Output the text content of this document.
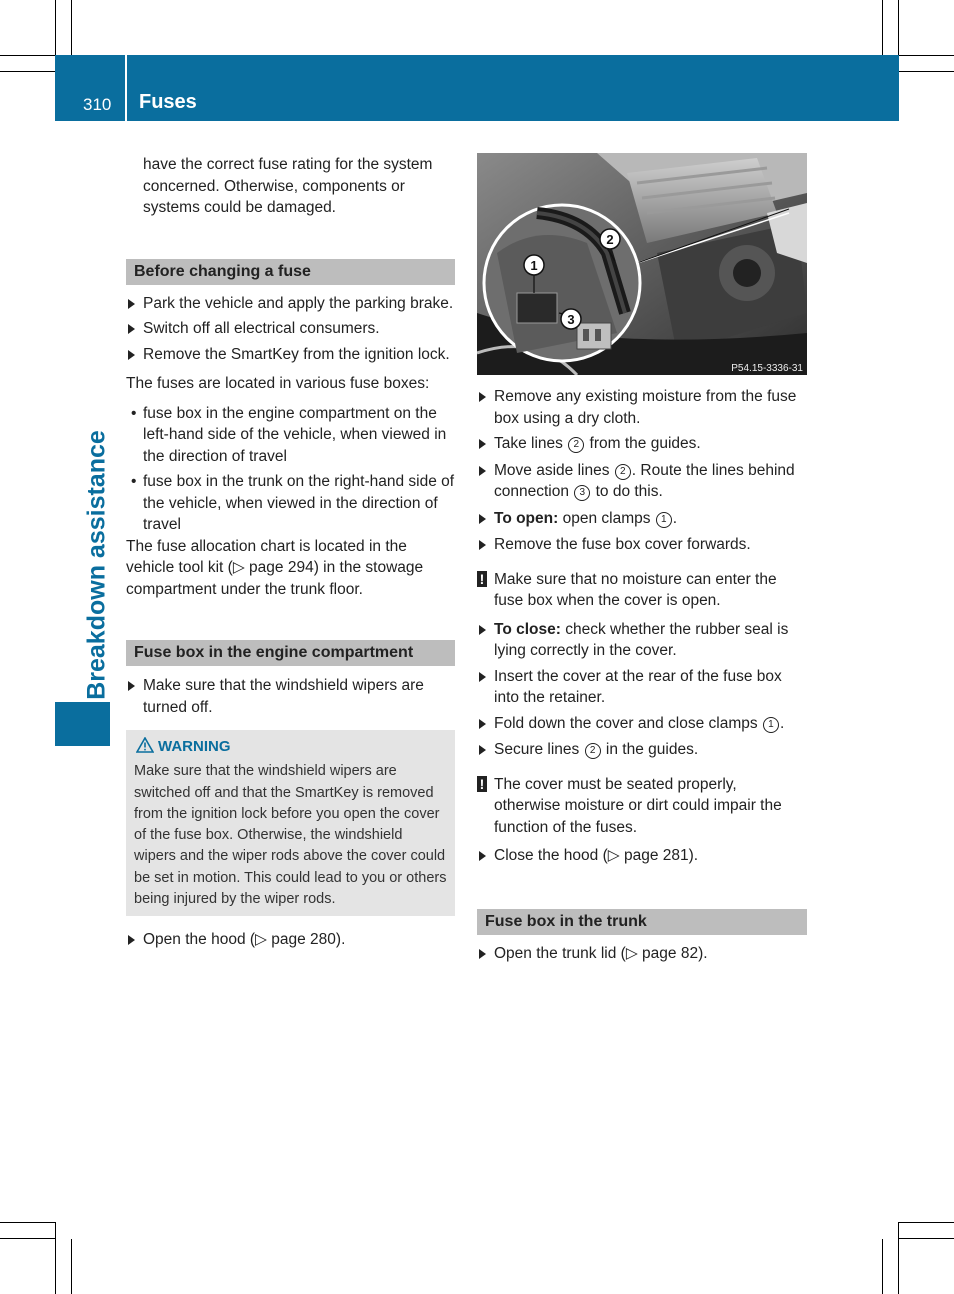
310 Fuses
Breakdown assistance

have the correct fuse rating for the system concerned. Otherwise, components or systems could be damaged.

Before changing a fuse

Park the vehicle and apply the parking brake.

Switch off all electrical consumers.

Remove the SmartKey from the ignition lock.

The fuses are located in various fuse boxes:

• fuse box in the engine compartment on the left-hand side of the vehicle, when viewed in the direction of travel

• fuse box in the trunk on the right-hand side of the vehicle, when viewed in the direction of travel

The fuse allocation chart is located in the vehicle tool kit (▷ page 294) in the stowage compartment under the trunk floor.

Fuse box in the engine compartment

Make sure that the windshield wipers are turned off.

WARNING

Make sure that the windshield wipers are switched off and that the SmartKey is removed from the ignition lock before you open the cover of the fuse box. Otherwise, the windshield wipers and the wiper rods above the cover could be set in motion. This could lead to you or others being injured by the wiper rods.

Open the hood (▷ page 280).

1
2
3
P54.15-3336-31

Remove any existing moisture from the fuse box using a dry cloth.

Take lines 2 from the guides.

Move aside lines 2 . Route the lines behind connection 3 to do this.

To open: open clamps 1 .

Remove the fuse box cover forwards.

! Make sure that no moisture can enter the fuse box when the cover is open.

To close: check whether the rubber seal is lying correctly in the cover.

Insert the cover at the rear of the fuse box into the retainer.

Fold down the cover and close clamps 1 .

Secure lines 2 in the guides.

! The cover must be seated properly, otherwise moisture or dirt could impair the function of the fuses.

Close the hood (▷ page 281).

Fuse box in the trunk

Open the trunk lid (▷ page 82).
